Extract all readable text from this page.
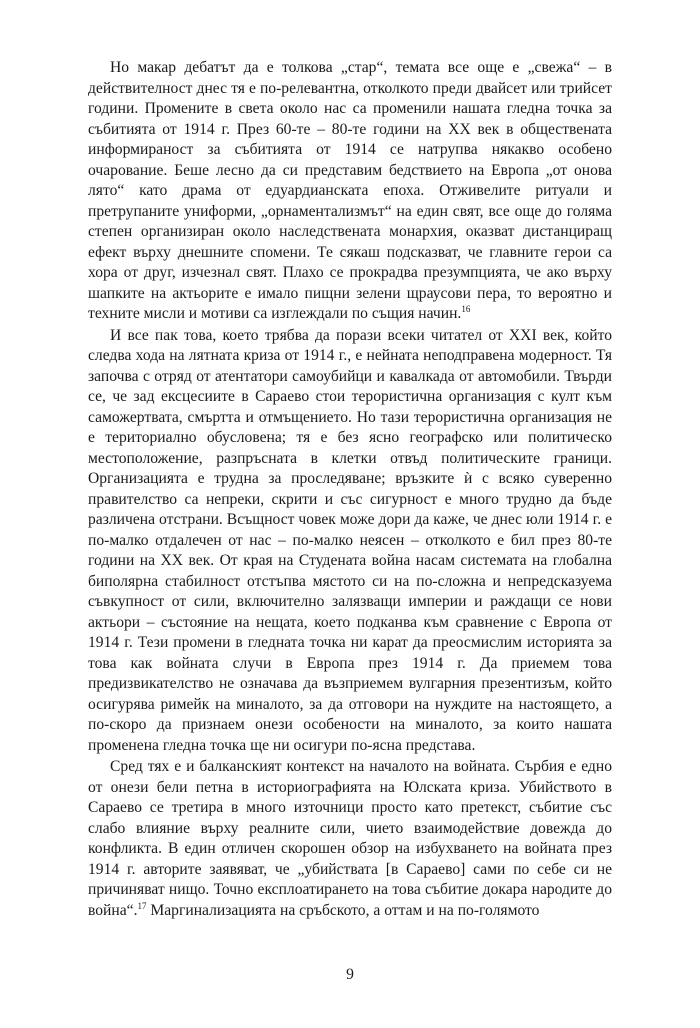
Но макар дебатът да е толкова „стар“, темата все още е „свежа“ – в действителност днес тя е по-релевантна, отколкото преди двайсет или трийсет години. Промените в света около нас са променили нашата гледна точка за събитията от 1914 г. През 60-те – 80-те години на XX век в обществената информираност за събитията от 1914 се натрупва някакво особено очарование. Беше лесно да си представим бедствието на Европа „от онова лято“ като драма от едуардианската епоха. Отживелите ритуали и претрупаните униформи, „орнаментализмът“ на един свят, все още до голяма степен организиран около наследствената монархия, оказват дистанциращ ефект върху днешните спомени. Те сякаш подсказват, че главните герои са хора от друг, изчезнал свят. Плахо се прокрадва презумпцията, че ако върху шапките на актьорите е имало пищни зелени щраусови пера, то вероятно и техните мисли и мотиви са изглеждали по същия начин.$^{16}$

И все пак това, което трябва да порази всеки читател от XXI век, който следва хода на лятната криза от 1914 г., е нейната неподправена модерност. Тя започва с отряд от атентатори самоубийци и кавалкада от автомобили. Твърди се, че зад ексцесиите в Сараево стои терористична организация с култ към саможертвата, смъртта и отмъщението. Но тази терористична организация не е териториално обусловена; тя е без ясно географско или политическо местоположение, разпръсната в клетки отвъд политическите граници. Организацията е трудна за проследяване; връзките ѝ с всяко суверенно правителство са непреки, скрити и със сигурност е много трудно да бъде различена отстрани. Всъщност човек може дори да каже, че днес юли 1914 г. е по-малко отдалечен от нас – по-малко неясен – отколкото е бил през 80-те години на XX век. От края на Студената война насам системата на глобална биполярна стабилност отстъпва мястото си на по-сложна и непредсказуема съвкупност от сили, включително залязващи империи и раждащи се нови актьори – състояние на нещата, което подканва към сравнение с Европа от 1914 г. Тези промени в гледната точка ни карат да преосмислим историята за това как войната случи в Европа през 1914 г. Да приемем това предизвикателство не означава да възприемем вулгарния презентизъм, който осигурява римейк на миналото, за да отговори на нуждите на настоящето, а по-скоро да признаем онези особености на миналото, за които нашата променена гледна точка ще ни осигури по-ясна представа.

Сред тях е и балканският контекст на началото на войната. Сърбия е едно от онези бели петна в историографията на Юлската криза. Убийството в Сараево се третира в много източници просто като претекст, събитие със слабо влияние върху реалните сили, чието взаимодействие довежда до конфликта. В един отличен скорошен обзор на избухването на войната през 1914 г. авторите заявяват, че „убийствата [в Сараево] сами по себе си не причиняват нищо. Точно експлоатирането на това събитие докара народите до война“.$^{17}$ Маргинализацията на сръбското, а оттам и на по-голямото

9
